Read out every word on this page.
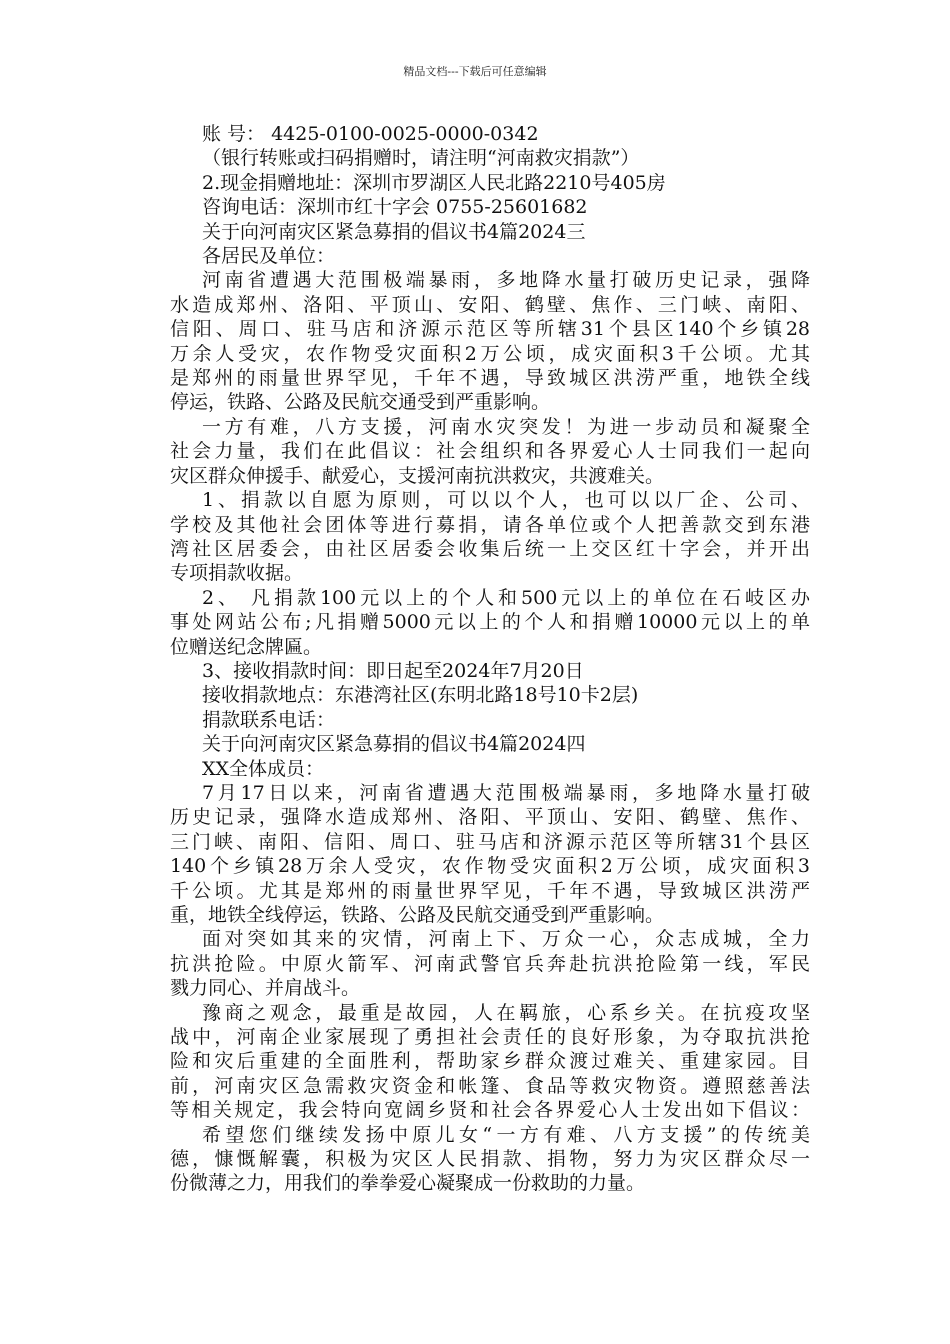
精品文档---下载后可任意编辑

账 号： 4425-0100-0025-0000-0342

（银行转账或扫码捐赠时，请注明“河南救灾捐款”）

2.现金捐赠地址：深圳市罗湖区人民北路2210号405房

咨询电话：深圳市红十字会 0755-25601682

关于向河南灾区紧急募捐的倡议书4篇2024三

各居民及单位：

河南省遭遇大范围极端暴雨，多地降水量打破历史记录，强降

水造成郑州、洛阳、平顶山、安阳、鹤壁、焦作、三门峡、南阳、

信阳、周口、驻马店和济源示范区等所辖31个县区140个乡镇28

万余人受灾，农作物受灾面积2万公顷，成灾面积3千公顷。尤其

是郑州的雨量世界罕见，千年不遇，导致城区洪涝严重，地铁全线

停运，铁路、公路及民航交通受到严重影响。

一方有难，八方支援，河南水灾突发！为进一步动员和凝聚全

社会力量，我们在此倡议：社会组织和各界爱心人士同我们一起向

灾区群众伸援手、献爱心，支援河南抗洪救灾，共渡难关。

1、捐款以自愿为原则，可以以个人，也可以以厂企、公司、

学校及其他社会团体等进行募捐，请各单位或个人把善款交到东港

湾社区居委会，由社区居委会收集后统一上交区红十字会，并开出

专项捐款收据。

2、 凡捐款100元以上的个人和500元以上的单位在石岐区办

事处网站公布;凡捐赠5000元以上的个人和捐赠10000元以上的单

位赠送纪念牌匾。

3、接收捐款时间：即日起至2024年7月20日

接收捐款地点：东港湾社区(东明北路18号10卡2层)

捐款联系电话：

关于向河南灾区紧急募捐的倡议书4篇2024四

XX全体成员：

7月17日以来，河南省遭遇大范围极端暴雨，多地降水量打破

历史记录，强降水造成郑州、洛阳、平顶山、安阳、鹤壁、焦作、

三门峡、南阳、信阳、周口、驻马店和济源示范区等所辖31个县区

140个乡镇28万余人受灾，农作物受灾面积2万公顷，成灾面积3

千公顷。尤其是郑州的雨量世界罕见，千年不遇，导致城区洪涝严

重，地铁全线停运，铁路、公路及民航交通受到严重影响。

面对突如其来的灾情，河南上下、万众一心，众志成城，全力

抗洪抢险。中原火箭军、河南武警官兵奔赴抗洪抢险第一线，军民

戮力同心、并肩战斗。

豫商之观念，最重是故园，人在羁旅，心系乡关。在抗疫攻坚

战中，河南企业家展现了勇担社会责任的良好形象，为夺取抗洪抢

险和灾后重建的全面胜利，帮助家乡群众渡过难关、重建家园。目

前，河南灾区急需救灾资金和帐篷、食品等救灾物资。遵照慈善法

等相关规定，我会特向宽阔乡贤和社会各界爱心人士发出如下倡议：

希望您们继续发扬中原儿女“一方有难、八方支援”的传统美

德，慷慨解囊，积极为灾区人民捐款、捐物，努力为灾区群众尽一

份微薄之力，用我们的拳拳爱心凝聚成一份救助的力量。
